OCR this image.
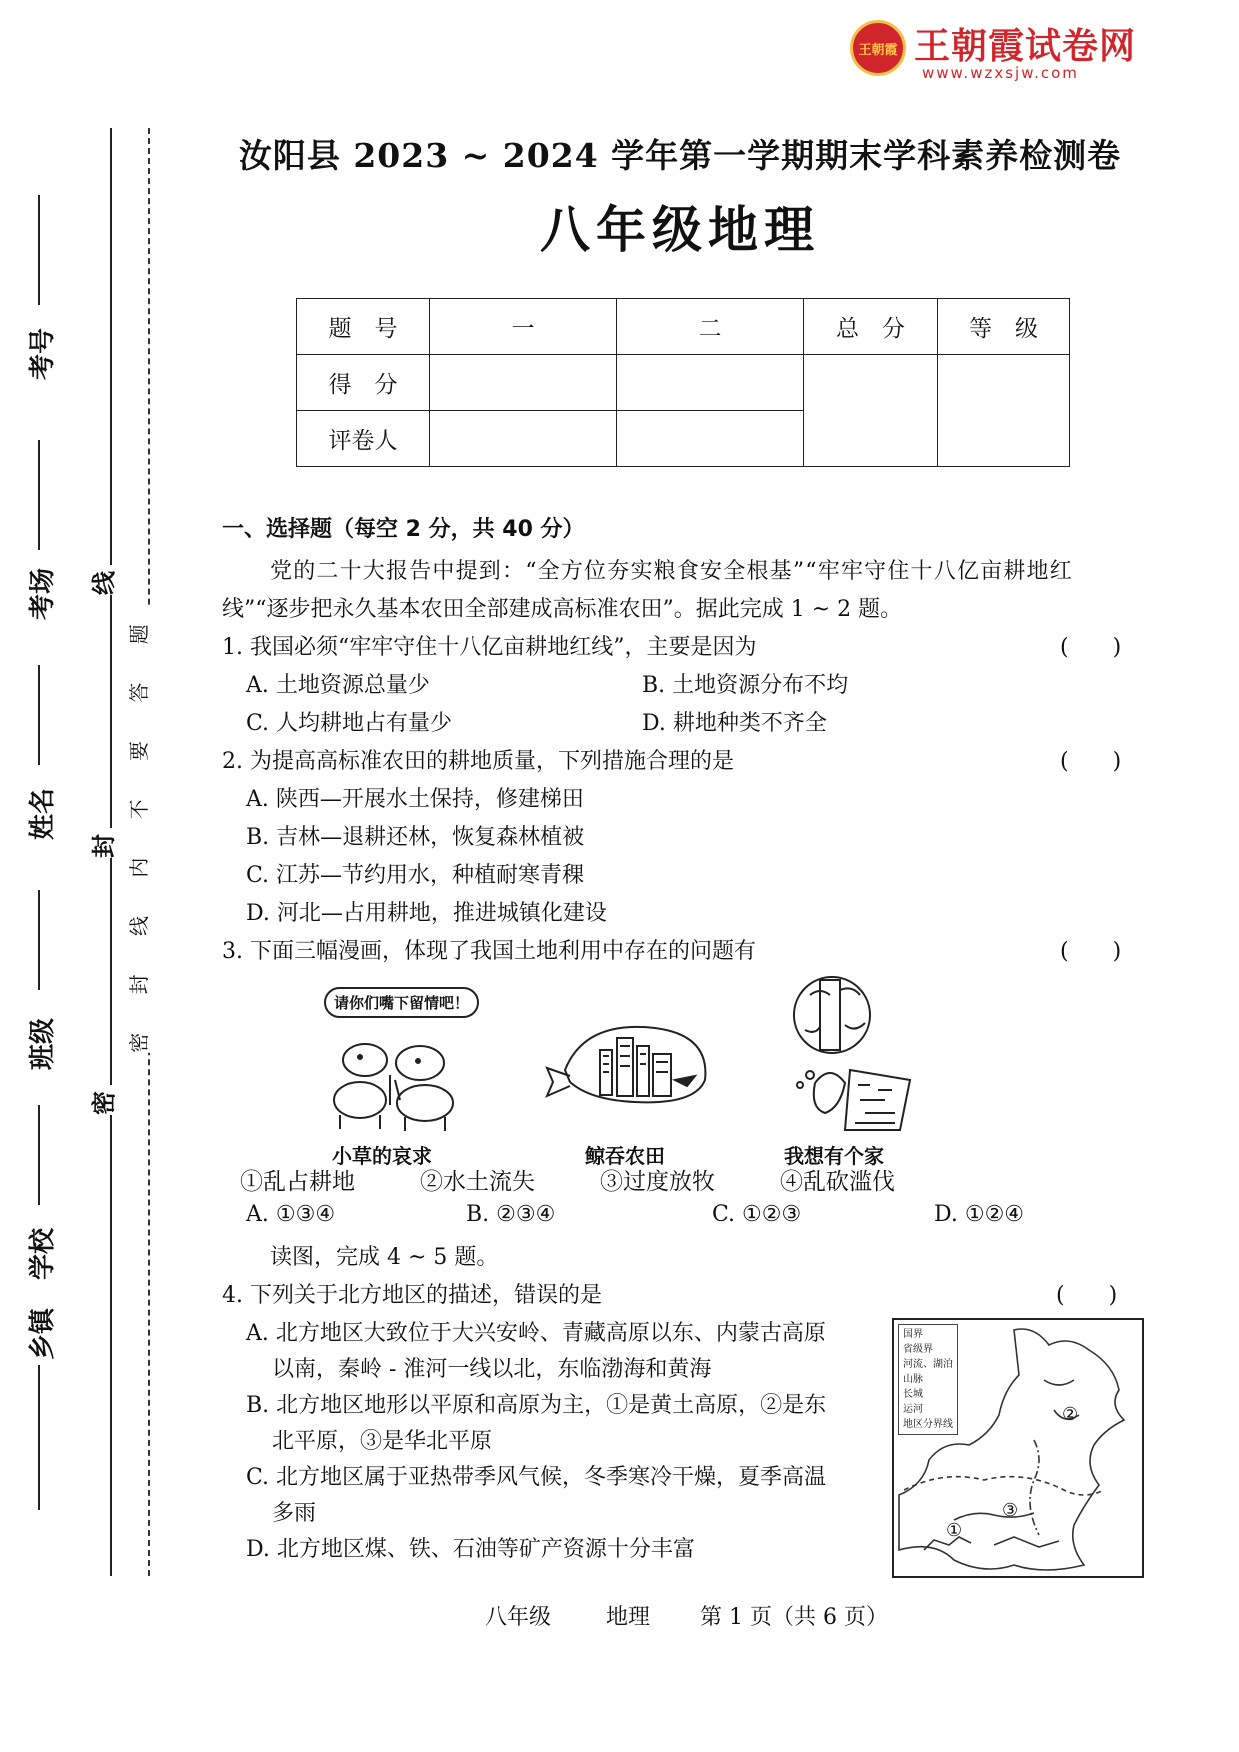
王朝霞 王朝霞试卷网
www.wzxsjw.com
考号
考场
姓名
班级
乡镇
学校
线
封
密
密 封 线 内 不 要 答 题
汝阳县 2023 ~ 2024 学年第一学期期末学科素养检测卷
八年级地理
题　号	一	二	总　分	等　级
得　分				
评卷人				
一、选择题（每空 2 分，共 40 分）
党的二十大报告中提到：“全方位夯实粮食安全根基”“牢牢守住十八亿亩耕地红
线”“逐步把永久基本农田全部建成高标准农田”。据此完成 1 ~ 2 题。
1. 我国必须“牢牢守住十八亿亩耕地红线”，主要是因为	(　　)
A. 土地资源总量少	B. 土地资源分布不均
C. 人均耕地占有量少	D. 耕地种类不齐全
2. 为提高高标准农田的耕地质量，下列措施合理的是	(　　)
A. 陕西—开展水土保持，修建梯田
B. 吉林—退耕还林，恢复森林植被
C. 江苏—节约用水，种植耐寒青稞
D. 河北—占用耕地，推进城镇化建设
3. 下面三幅漫画，体现了我国土地利用中存在的问题有	(　　)
请你们嘴下留情吧！
小草的哀求	鲸吞农田	我想有个家
①乱占耕地	②水土流失	③过度放牧	④乱砍滥伐
A. ①③④	B. ②③④	C. ①②③	D. ①②④
读图，完成 4 ~ 5 题。
4. 下列关于北方地区的描述，错误的是	(　　)
A. 北方地区大致位于大兴安岭、青藏高原以东、内蒙古高原
以南，秦岭 - 淮河一线以北，东临渤海和黄海
B. 北方地区地形以平原和高原为主，①是黄土高原，②是东
北平原，③是华北平原
C. 北方地区属于亚热带季风气候，冬季寒冷干燥，夏季高温
多雨
D. 北方地区煤、铁、石油等矿产资源十分丰富
国界
省级界
河流、湖泊
山脉
长城
运河
地区分界线
①
②
③
八年级 地理 第 1 页（共 6 页）
